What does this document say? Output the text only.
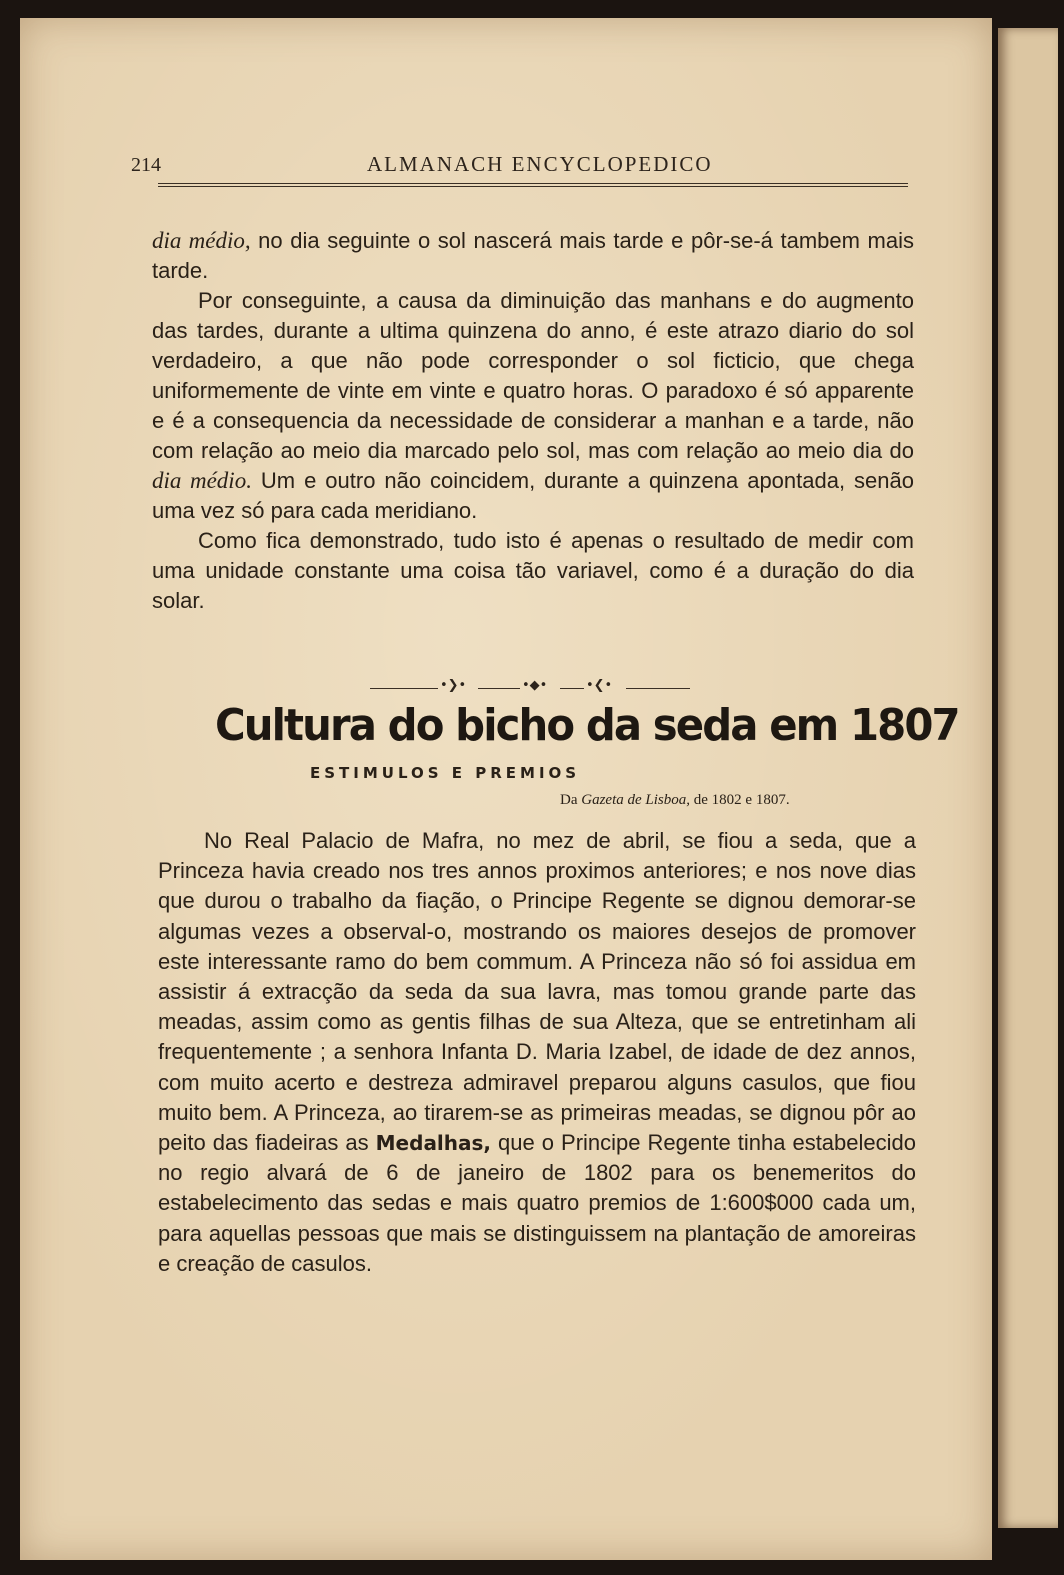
214	ALMANACH ENCYCLOPEDICO

dia médio, no dia seguinte o sol nascerá mais tarde e pôr-se-á tambem mais tarde.

Por conseguinte, a causa da diminuição das manhans e do augmento das tardes, durante a ultima quinzena do anno, é este atrazo diario do sol verdadeiro, a que não pode corresponder o sol ficticio, que chega uniformemente de vinte em vinte e quatro horas. O paradoxo é só apparente e é a consequencia da necessidade de considerar a manhan e a tarde, não com relação ao meio dia marcado pelo sol, mas com relação ao meio dia do dia médio. Um e outro não coincidem, durante a quinzena apontada, senão uma vez só para cada meridiano.

Como fica demonstrado, tudo isto é apenas o resultado de medir com uma unidade constante uma coisa tão variavel, como é a duração do dia solar.

•❯•	•◆•	•❮•
Cultura do bicho da seda em 1807
ESTIMULOS E PREMIOS
Da Gazeta de Lisboa, de 1802 e 1807.

No Real Palacio de Mafra, no mez de abril, se fiou a seda, que a Princeza havia creado nos tres annos proximos anteriores; e nos nove dias que durou o trabalho da fiação, o Principe Regente se dignou demorar-se algumas vezes a observal-o, mostrando os maiores desejos de promover este interessante ramo do bem commum. A Princeza não só foi assidua em assistir á extracção da seda da sua lavra, mas tomou grande parte das meadas, assim como as gentis filhas de sua Alteza, que se entretinham ali frequentemente ; a senhora Infanta D. Maria Izabel, de idade de dez annos, com muito acerto e destreza admiravel preparou alguns casulos, que fiou muito bem. A Princeza, ao tirarem-se as primeiras meadas, se dignou pôr ao peito das fiadeiras as Medalhas, que o Principe Regente tinha estabelecido no regio alvará de 6 de janeiro de 1802 para os benemeritos do estabelecimento das sedas e mais quatro premios de 1:600$000 cada um, para aquellas pessoas que mais se distinguissem na plantação de amoreiras e creação de casulos.
